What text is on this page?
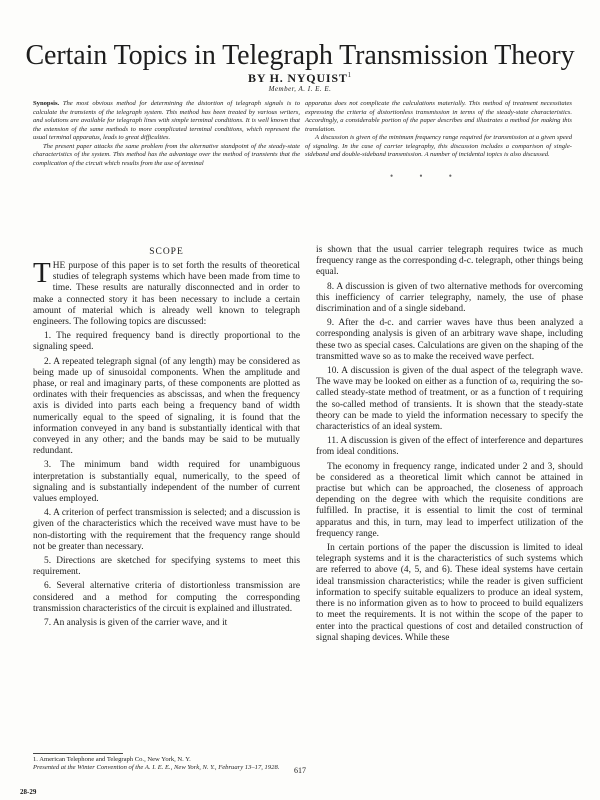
Certain Topics in Telegraph Transmission Theory
BY H. NYQUIST$^1$
Member, A. I. E. E.

Synopsis. The most obvious method for determining the distortion of telegraph signals is to calculate the transients of the telegraph system. This method has been treated by various writers, and solutions are available for telegraph lines with simple terminal conditions. It is well known that the extension of the same methods to more complicated terminal conditions, which represent the usual terminal apparatus, leads to great difficulties.

The present paper attacks the same problem from the alternative standpoint of the steady-state characteristics of the system. This method has the advantage over the method of transients that the complication of the circuit which results from the use of terminal

apparatus does not complicate the calculations materially. This method of treatment necessitates expressing the criteria of distortionless transmission in terms of the steady-state characteristics. Accordingly, a considerable portion of the paper describes and illustrates a method for making this translation.

A discussion is given of the minimum frequency range required for transmission at a given speed of signaling. In the case of carrier telegraphy, this discussion includes a comparison of single-sideband and double-sideband transmission. A number of incidental topics is also discussed.

• • •
SCOPE

THE purpose of this paper is to set forth the results of theoretical studies of telegraph systems which have been made from time to time. These results are naturally disconnected and in order to make a connected story it has been necessary to include a certain amount of material which is already well known to telegraph engineers. The following topics are discussed:

1. The required frequency band is directly proportional to the signaling speed.

2. A repeated telegraph signal (of any length) may be considered as being made up of sinusoidal components. When the amplitude and phase, or real and imaginary parts, of these components are plotted as ordinates with their frequencies as abscissas, and when the frequency axis is divided into parts each being a frequency band of width numerically equal to the speed of signaling, it is found that the information conveyed in any band is substantially identical with that conveyed in any other; and the bands may be said to be mutually redundant.

3. The minimum band width required for unambiguous interpretation is substantially equal, numerically, to the speed of signaling and is substantially independent of the number of current values employed.

4. A criterion of perfect transmission is selected; and a discussion is given of the characteristics which the received wave must have to be non-distorting with the requirement that the frequency range should not be greater than necessary.

5. Directions are sketched for specifying systems to meet this requirement.

6. Several alternative criteria of distortionless transmission are considered and a method for computing the corresponding transmission characteristics of the circuit is explained and illustrated.

7. An analysis is given of the carrier wave, and it

is shown that the usual carrier telegraph requires twice as much frequency range as the corresponding d-c. telegraph, other things being equal.

8. A discussion is given of two alternative methods for overcoming this inefficiency of carrier telegraphy, namely, the use of phase discrimination and of a single sideband.

9. After the d-c. and carrier waves have thus been analyzed a corresponding analysis is given of an arbitrary wave shape, including these two as special cases. Calculations are given on the shaping of the transmitted wave so as to make the received wave perfect.

10. A discussion is given of the dual aspect of the telegraph wave. The wave may be looked on either as a function of ω, requiring the so-called steady-state method of treatment, or as a function of t requiring the so-called method of transients. It is shown that the steady-state theory can be made to yield the information necessary to specify the characteristics of an ideal system.

11. A discussion is given of the effect of interference and departures from ideal conditions.

The economy in frequency range, indicated under 2 and 3, should be considered as a theoretical limit which cannot be attained in practise but which can be approached, the closeness of approach depending on the degree with which the requisite conditions are fulfilled. In practise, it is essential to limit the cost of terminal apparatus and this, in turn, may lead to imperfect utilization of the frequency range.

In certain portions of the paper the discussion is limited to ideal telegraph systems and it is the characteristics of such systems which are referred to above (4, 5, and 6). These ideal systems have certain ideal transmission characteristics; while the reader is given sufficient information to specify suitable equalizers to produce an ideal system, there is no information given as to how to proceed to build equalizers to meet the requirements. It is not within the scope of the paper to enter into the practical questions of cost and detailed construction of signal shaping devices. While these

1. American Telephone and Telegraph Co., New York, N. Y.
Presented at the Winter Convention of the A. I. E. E., New York, N. Y., February 13–17, 1928.	617
28-29
